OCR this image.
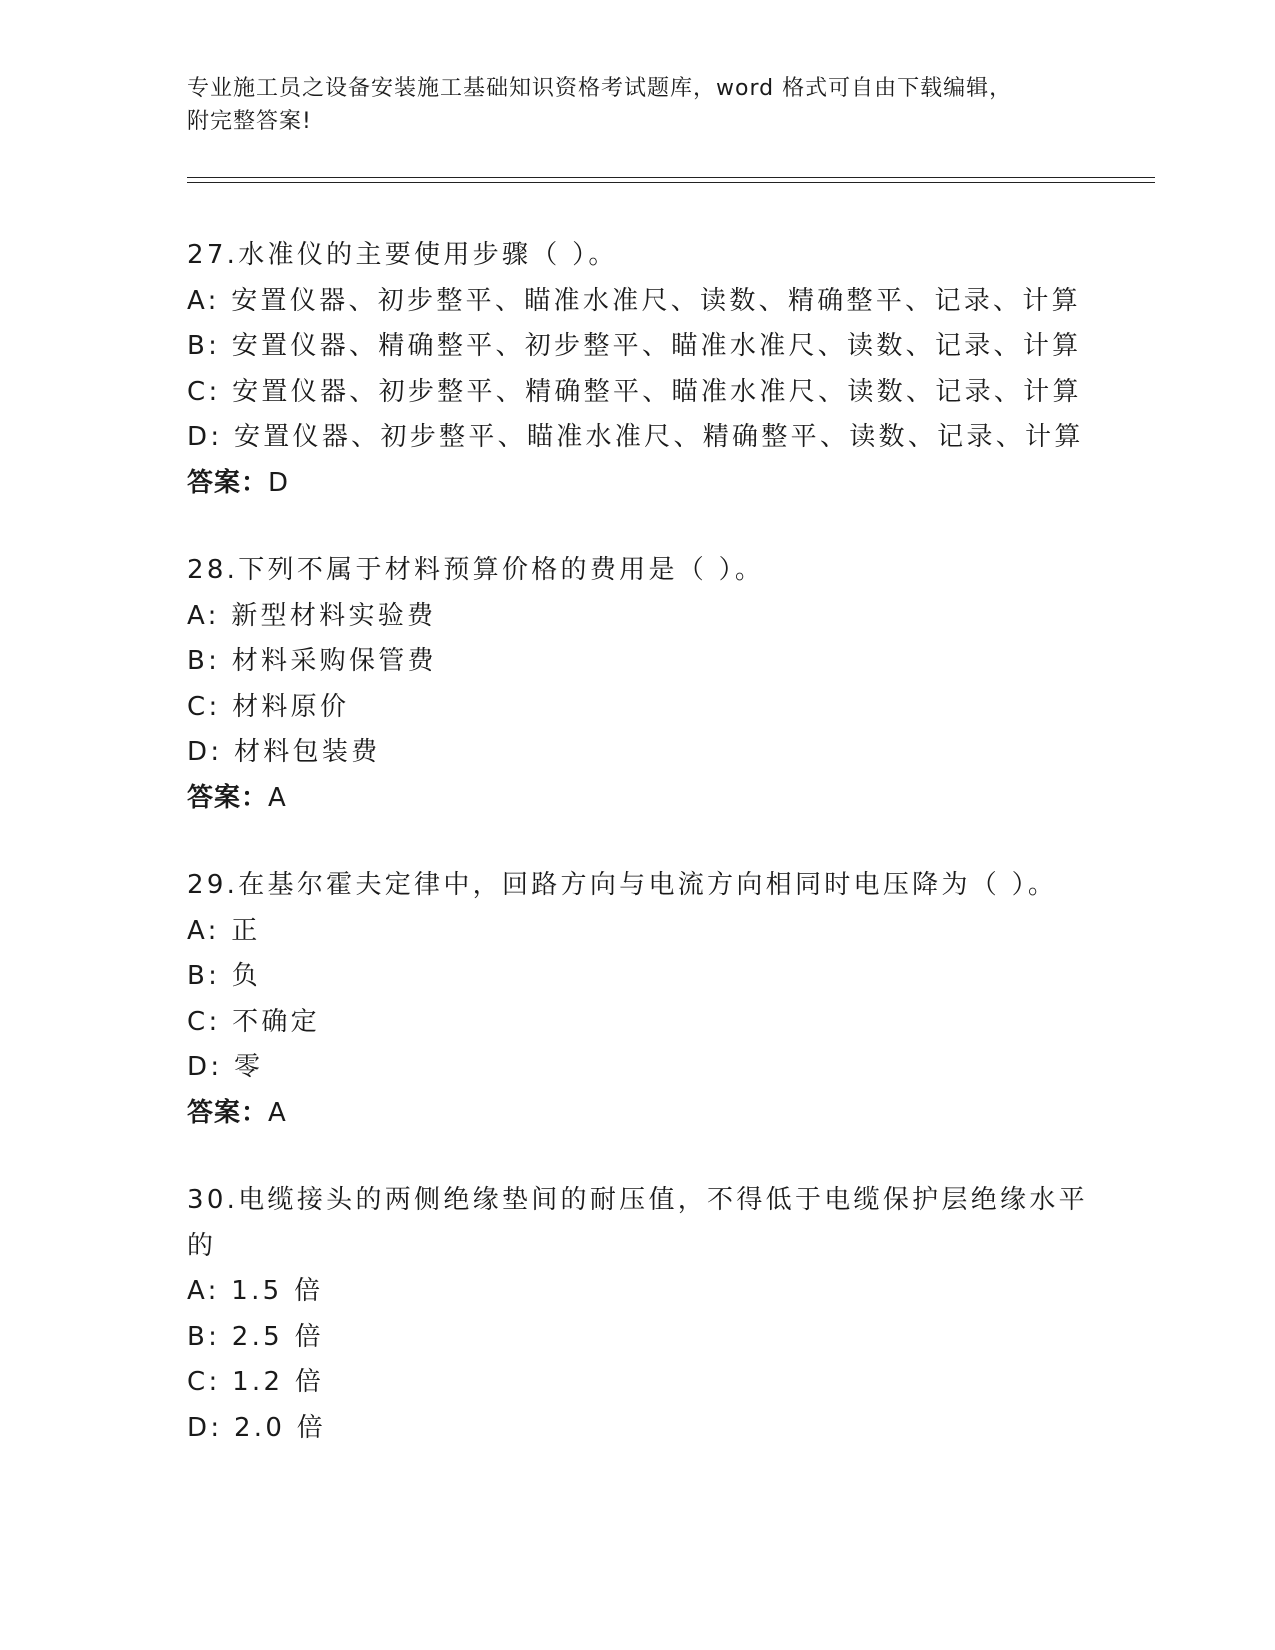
专业施工员之设备安装施工基础知识资格考试题库，word 格式可自由下载编辑，
附完整答案!
27.水准仪的主要使用步骤（ ）。
A: 安置仪器、初步整平、瞄准水准尺、读数、精确整平、记录、计算
B: 安置仪器、精确整平、初步整平、瞄准水准尺、读数、记录、计算
C: 安置仪器、初步整平、精确整平、瞄准水准尺、读数、记录、计算
D: 安置仪器、初步整平、瞄准水准尺、精确整平、读数、记录、计算
答案：D
28.下列不属于材料预算价格的费用是（ ）。
A: 新型材料实验费
B: 材料采购保管费
C: 材料原价
D: 材料包装费
答案：A
29.在基尔霍夫定律中，回路方向与电流方向相同时电压降为（ ）。
A: 正
B: 负
C: 不确定
D: 零
答案：A
30.电缆接头的两侧绝缘垫间的耐压值，不得低于电缆保护层绝缘水平
的
A: 1.5 倍
B: 2.5 倍
C: 1.2 倍
D: 2.0 倍
